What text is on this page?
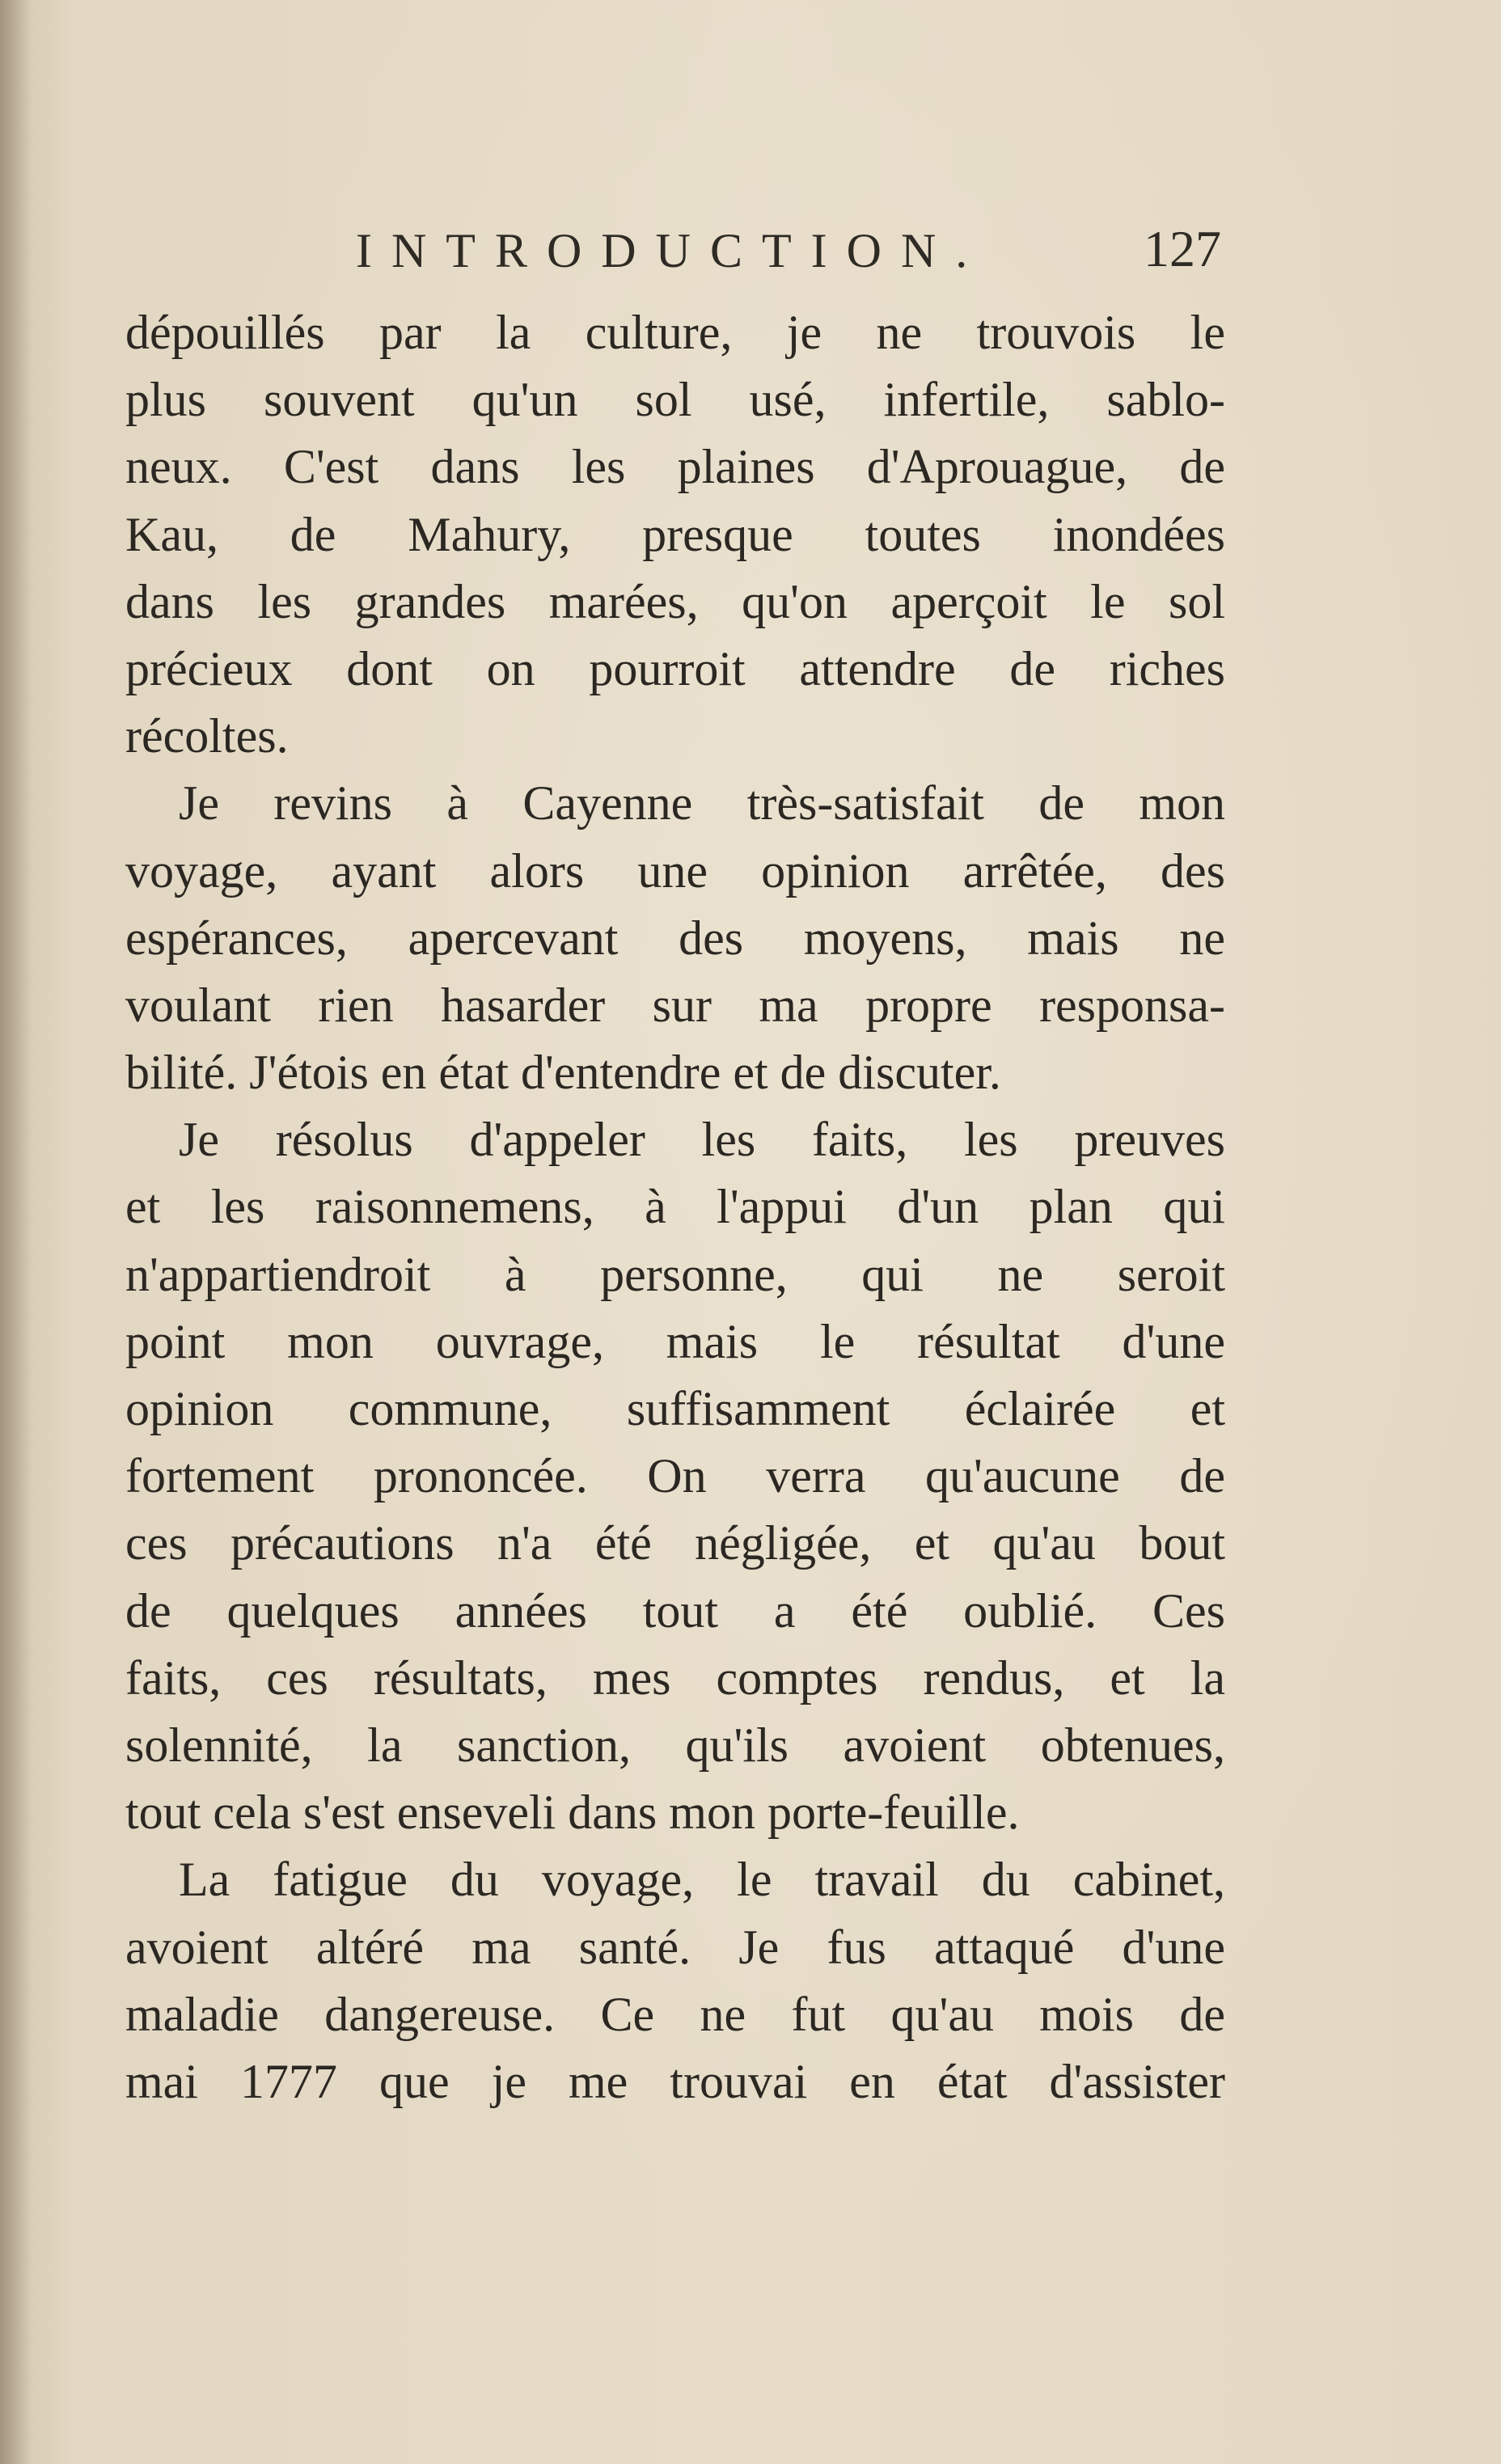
INTRODUCTION.	127
dépouillés par la culture, je ne trouvois le
plus souvent qu'un sol usé, infertile, sablo-
neux. C'est dans les plaines d'Aprouague, de
Kau, de Mahury, presque toutes inondées
dans les grandes marées, qu'on aperçoit le sol
précieux dont on pourroit attendre de riches
récoltes.
Je revins à Cayenne très-satisfait de mon
voyage, ayant alors une opinion arrêtée, des
espérances, apercevant des moyens, mais ne
voulant rien hasarder sur ma propre responsa-
bilité. J'étois en état d'entendre et de discuter.
Je résolus d'appeler les faits, les preuves
et les raisonnemens, à l'appui d'un plan qui
n'appartiendroit à personne, qui ne seroit
point mon ouvrage, mais le résultat d'une
opinion commune, suffisamment éclairée et
fortement prononcée. On verra qu'aucune de
ces précautions n'a été négligée, et qu'au bout
de quelques années tout a été oublié. Ces
faits, ces résultats, mes comptes rendus, et la
solennité, la sanction, qu'ils avoient obtenues,
tout cela s'est enseveli dans mon porte-feuille.
La fatigue du voyage, le travail du cabinet,
avoient altéré ma santé. Je fus attaqué d'une
maladie dangereuse. Ce ne fut qu'au mois de
mai 1777 que je me trouvai en état d'assister
